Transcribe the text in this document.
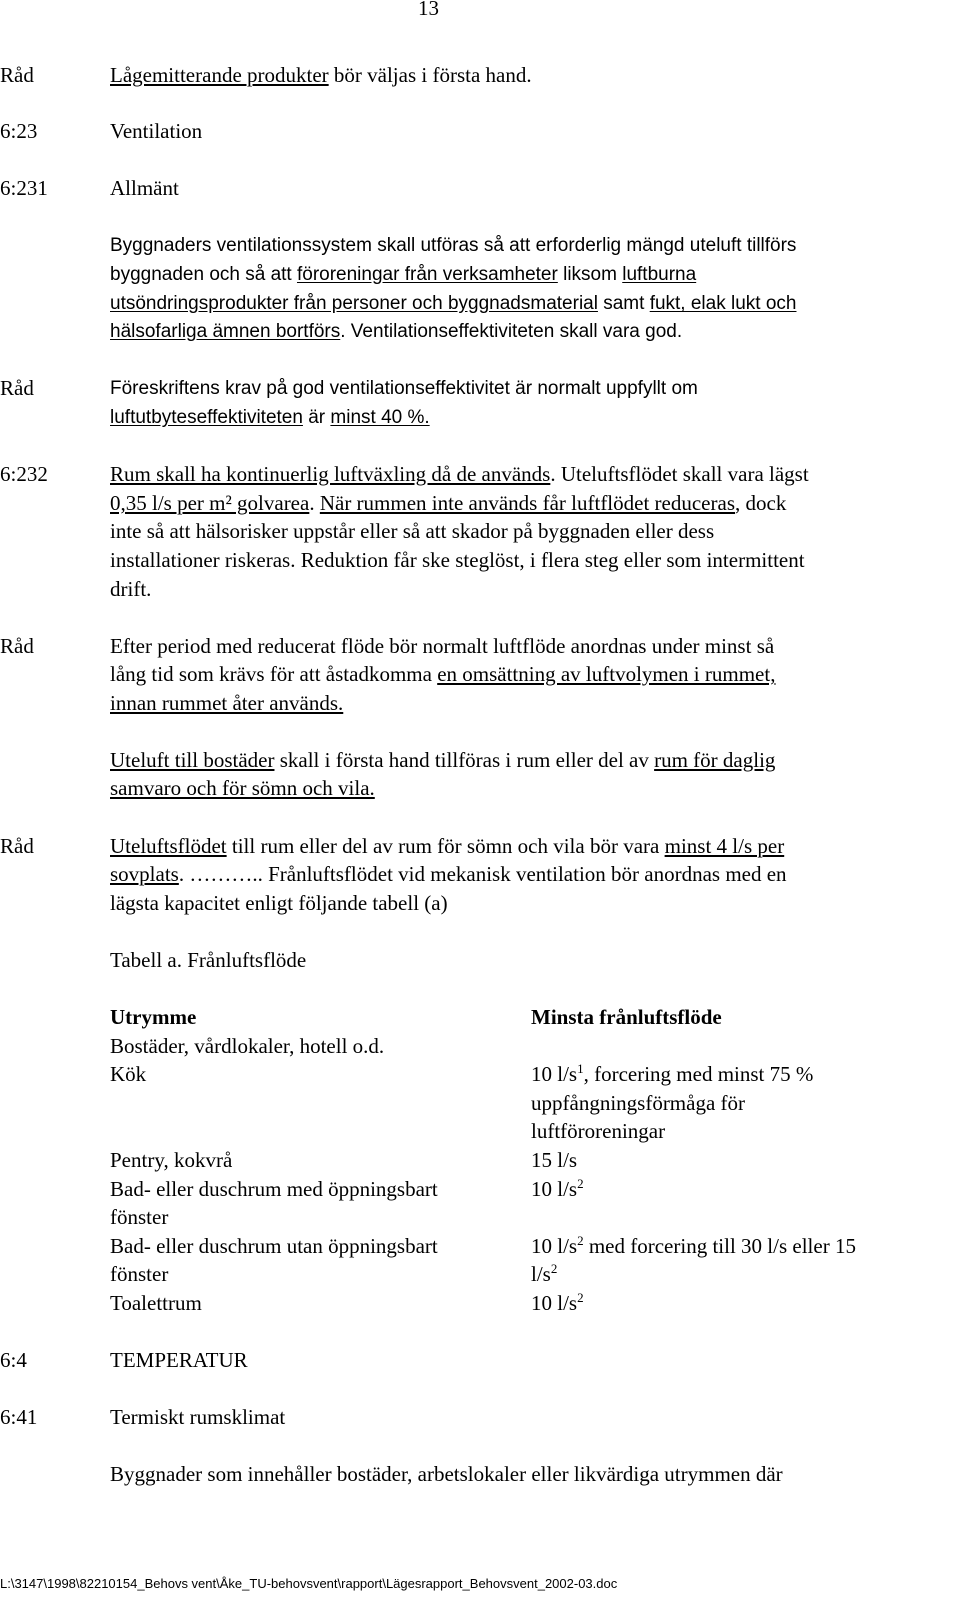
13
Råd	Lågemitterande produkter bör väljas i första hand.
6:23	Ventilation
6:231	Allmänt
Byggnaders ventilationssystem skall utföras så att erforderlig mängd uteluft tillförs
byggnaden och så att föroreningar från verksamheter liksom luftburna
utsöndringsprodukter från personer och byggnadsmaterial samt fukt, elak lukt och
hälsofarliga ämnen bortförs. Ventilationseffektiviteten skall vara god.
Råd	Föreskriftens krav på god ventilationseffektivitet är normalt uppfyllt om
luftutbyteseffektiviteten är minst 40 %.
6:232	Rum skall ha kontinuerlig luftväxling då de används. Uteluftsflödet skall vara lägst
0,35 l/s per m² golvarea. När rummen inte används får luftflödet reduceras, dock
inte så att hälsorisker uppstår eller så att skador på byggnaden eller dess
installationer riskeras. Reduktion får ske steglöst, i flera steg eller som intermittent
drift.
Råd	Efter period med reducerat flöde bör normalt luftflöde anordnas under minst så
lång tid som krävs för att åstadkomma en omsättning av luftvolymen i rummet,
innan rummet åter används.
Uteluft till bostäder skall i första hand tillföras i rum eller del av rum för daglig
samvaro och för sömn och vila.
Råd	Uteluftsflödet till rum eller del av rum för sömn och vila bör vara minst 4 l/s per
sovplats. ……….. Frånluftsflödet vid mekanisk ventilation bör anordnas med en
lägsta kapacitet enligt följande tabell (a)
Tabell a. Frånluftsflöde
Utrymme	Minsta frånluftsflöde
Bostäder, vårdlokaler, hotell o.d.
Kök	10 $l/s^1$, forcering med minst 75 %
uppfångningsförmåga för
luftföroreningar
Pentry, kokvrå	15 l/s
Bad- eller duschrum med öppningsbart	10 $l/s^2$
fönster
Bad- eller duschrum utan öppningsbart	10 $l/s^2$ med forcering till 30 l/s eller 15
fönster	$l/s^2$
Toalettrum	10 $l/s^2$
6:4	TEMPERATUR
6:41	Termiskt rumsklimat
Byggnader som innehåller bostäder, arbetslokaler eller likvärdiga utrymmen där
L:\3147\1998\82210154_Behovs vent\Åke_TU-behovsvent\rapport\Lägesrapport_Behovsvent_2002-03.doc
